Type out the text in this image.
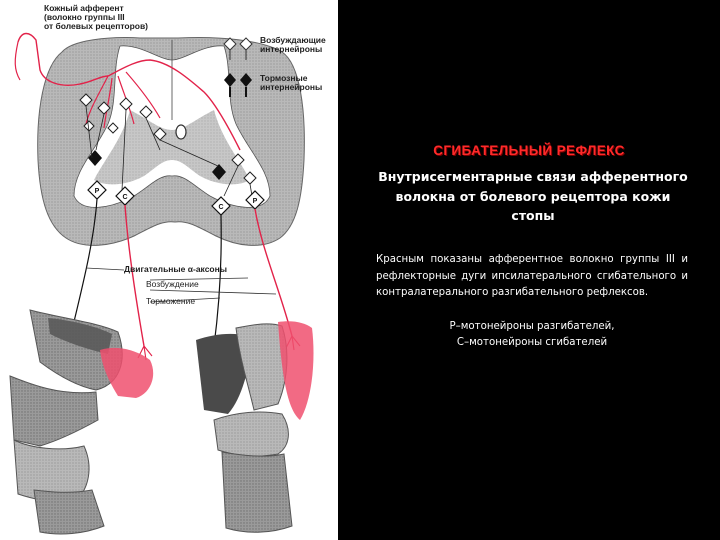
P
C
C
P
Кожный афферент
(волокно группы III
от болевых рецепторов)
Возбуждающие
интернейроны
Тормозные
интернейроны
Двигательные α-аксоны
Возбуждение
Торможение
СГИБАТЕЛЬНЫЙ РЕФЛЕКС
Внутрисегментарные связи афферентного волокна от болевого рецептора кожи стопы
Красным показаны афферентное волокно группы III и рефлекторные дуги ипсилатерального сгибательного и контралатерального разгибательного рефлексов.
Р–мотонейроны разгибателей,
С–мотонейроны сгибателей
